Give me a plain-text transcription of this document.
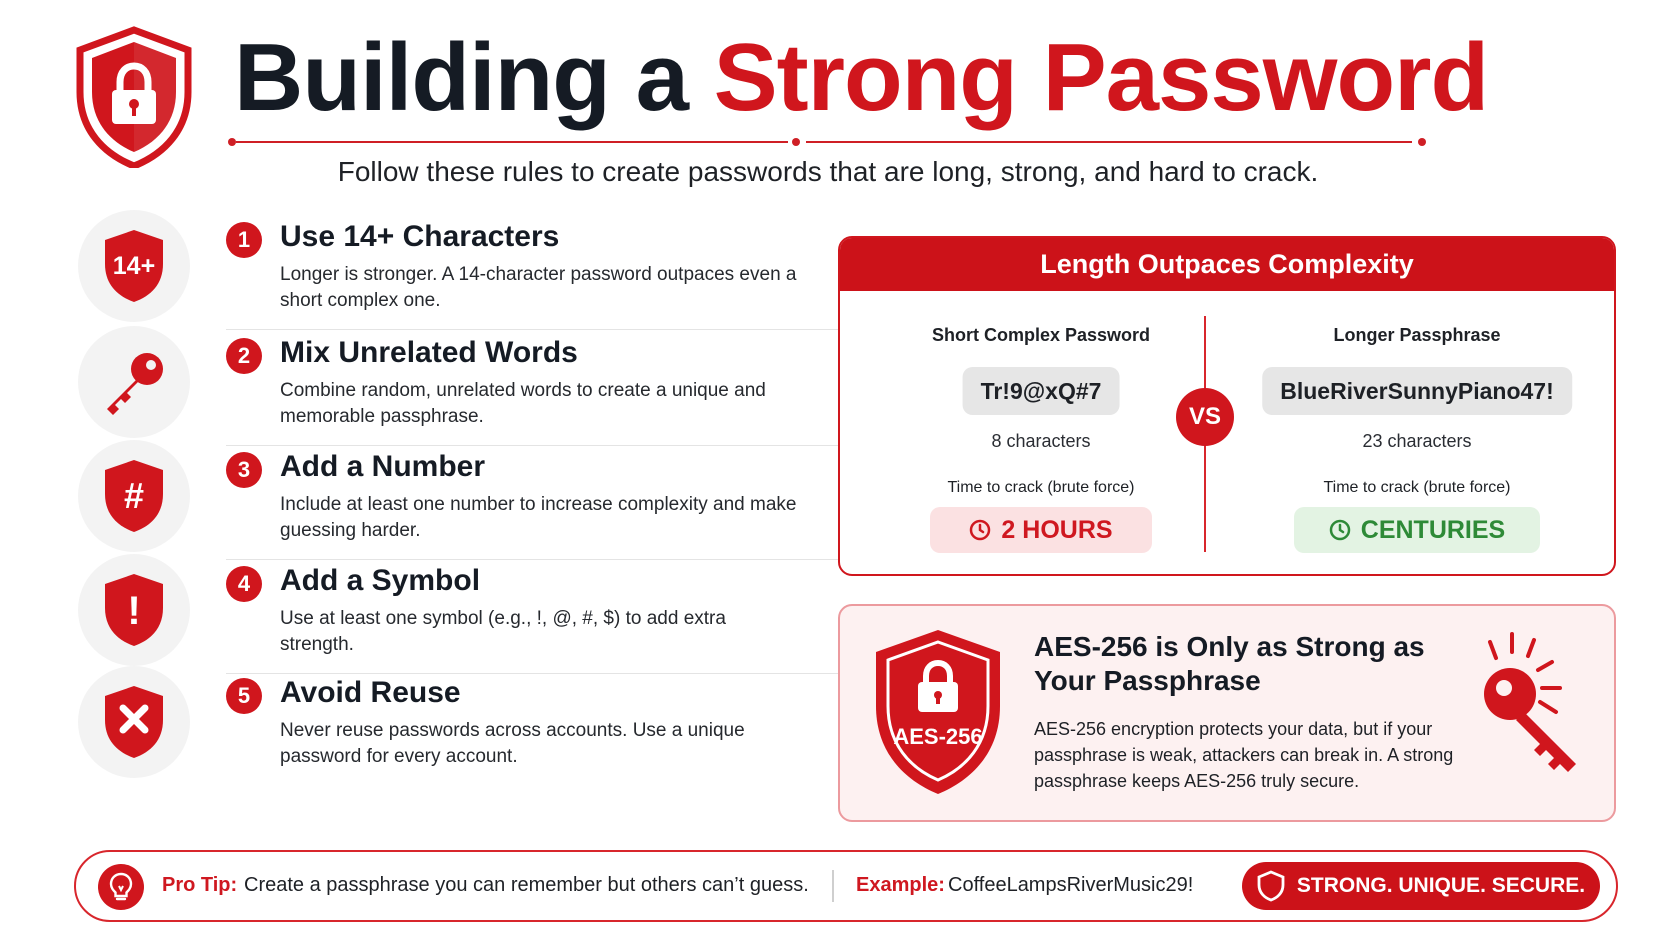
Building a Strong Password
Follow these rules to create passwords that are long, strong, and hard to crack.
14+
1 Use 14+ Characters
Longer is stronger. A 14-character password outpaces even a short complex one.
2 Mix Unrelated Words
Combine random, unrelated words to create a unique and memorable passphrase.
#
3 Add a Number
Include at least one number to increase complexity and make guessing harder.
!
4 Add a Symbol
Use at least one symbol (e.g., !, @, #, $) to add extra strength.
5 Avoid Reuse
Never reuse passwords across accounts. Use a unique password for every account.
Length Outpaces Complexity
Short Complex Password
Tr!9@xQ#7
8 characters
Time to crack (brute force)
2 HOURS
VS
Longer Passphrase
BlueRiverSunnyPiano47!
23 characters
Time to crack (brute force)
CENTURIES
AES-256
AES-256 is Only as Strong as Your Passphrase
AES-256 encryption protects your data, but if your passphrase is weak, attackers can break in. A strong passphrase keeps AES-256 truly secure.
Pro Tip: Create a passphrase you can remember but others can’t guess. Example: CoffeeLampsRiverMusic29!	STRONG. UNIQUE. SECURE.
